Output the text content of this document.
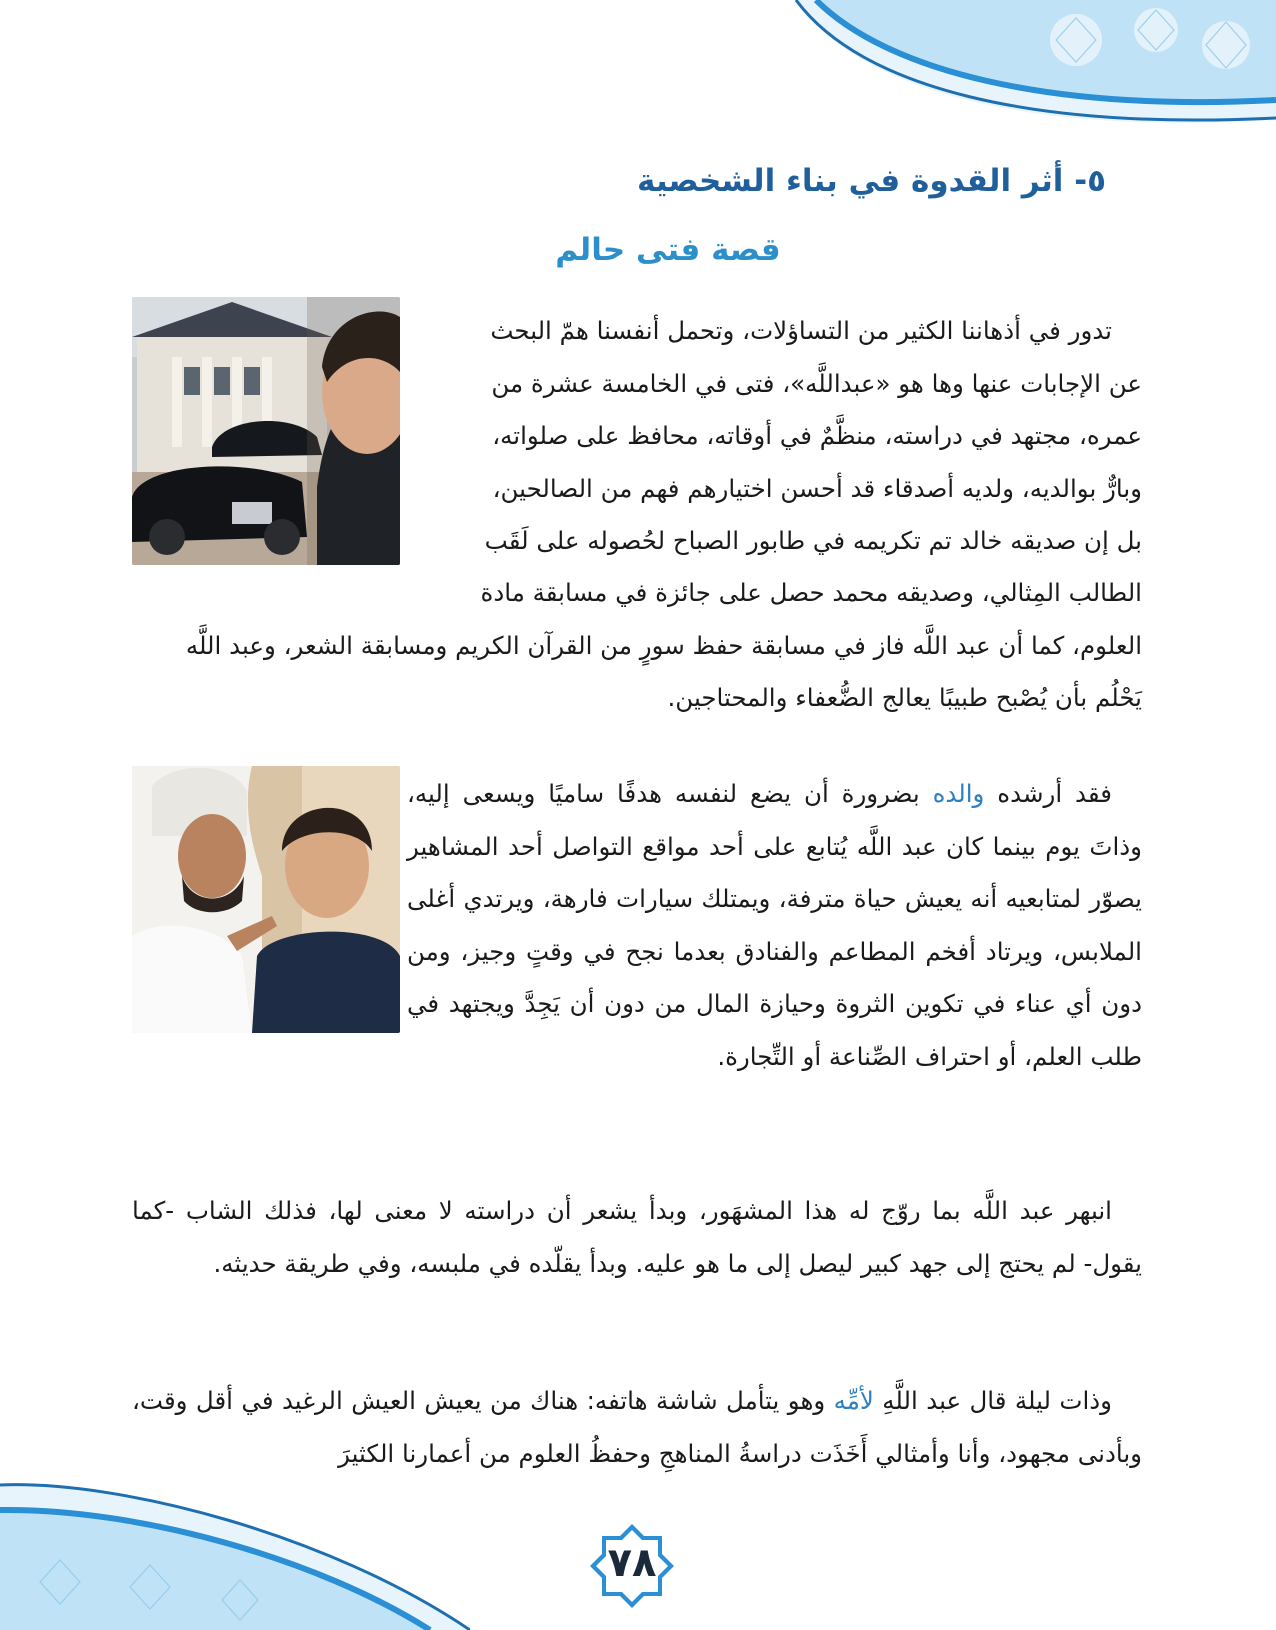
٥- أثر القدوة في بناء الشخصية
قصة فتى حالم
تدور في أذهاننا الكثير من التساؤلات، وتحمل أنفسنا همّ البحث
عن الإجابات عنها وها هو «عبداللَّه»، فتى في الخامسة عشرة من
عمره، مجتهد في دراسته، منظَّمٌ في أوقاته، محافظ على صلواته،
وبارٌّ بوالديه، ولديه أصدقاء قد أحسن اختيارهم فهم من الصالحين،
بل إن صديقه خالد تم تكريمه في طابور الصباح لحُصوله على لَقَب
الطالب المِثالي، وصديقه محمد حصل على جائزة في مسابقة مادة
العلوم، كما أن عبد اللَّه فاز في مسابقة حفظ سورٍ من القرآن الكريم ومسابقة الشعر، وعبد اللَّه
يَحْلُم بأن يُصْبح طبيبًا يعالج الضُّعفاء والمحتاجين.
فقد أرشده والده بضرورة أن يضع لنفسه هدفًا ساميًا ويسعى إليه، وذاتَ يوم بينما كان عبد اللَّه يُتابع على أحد مواقع التواصل أحد المشاهير يصوّر لمتابعيه أنه يعيش حياة مترفة، ويمتلك سيارات فارهة، ويرتدي أغلى الملابس، ويرتاد أفخم المطاعم والفنادق بعدما نجح في وقتٍ وجيز، ومن دون أي عناء في تكوين الثروة وحيازة المال من دون أن يَجِدَّ ويجتهد في طلب العلم، أو احتراف الصِّناعة أو التِّجارة.
انبهر عبد اللَّه بما روّج له هذا المشهَور، وبدأ يشعر أن دراسته لا معنى لها، فذلك الشاب -كما يقول- لم يحتج إلى جهد كبير ليصل إلى ما هو عليه. وبدأ يقلّده في ملبسه، وفي طريقة حديثه.
وذات ليلة قال عبد اللَّهِ لأمِّه وهو يتأمل شاشة هاتفه: هناك من يعيش العيش الرغيد في أقل وقت، وبأدنى مجهود، وأنا وأمثالي أَخَذَت دراسةُ المناهجِ وحفظُ العلوم من أعمارنا الكثيرَ
٧٨
